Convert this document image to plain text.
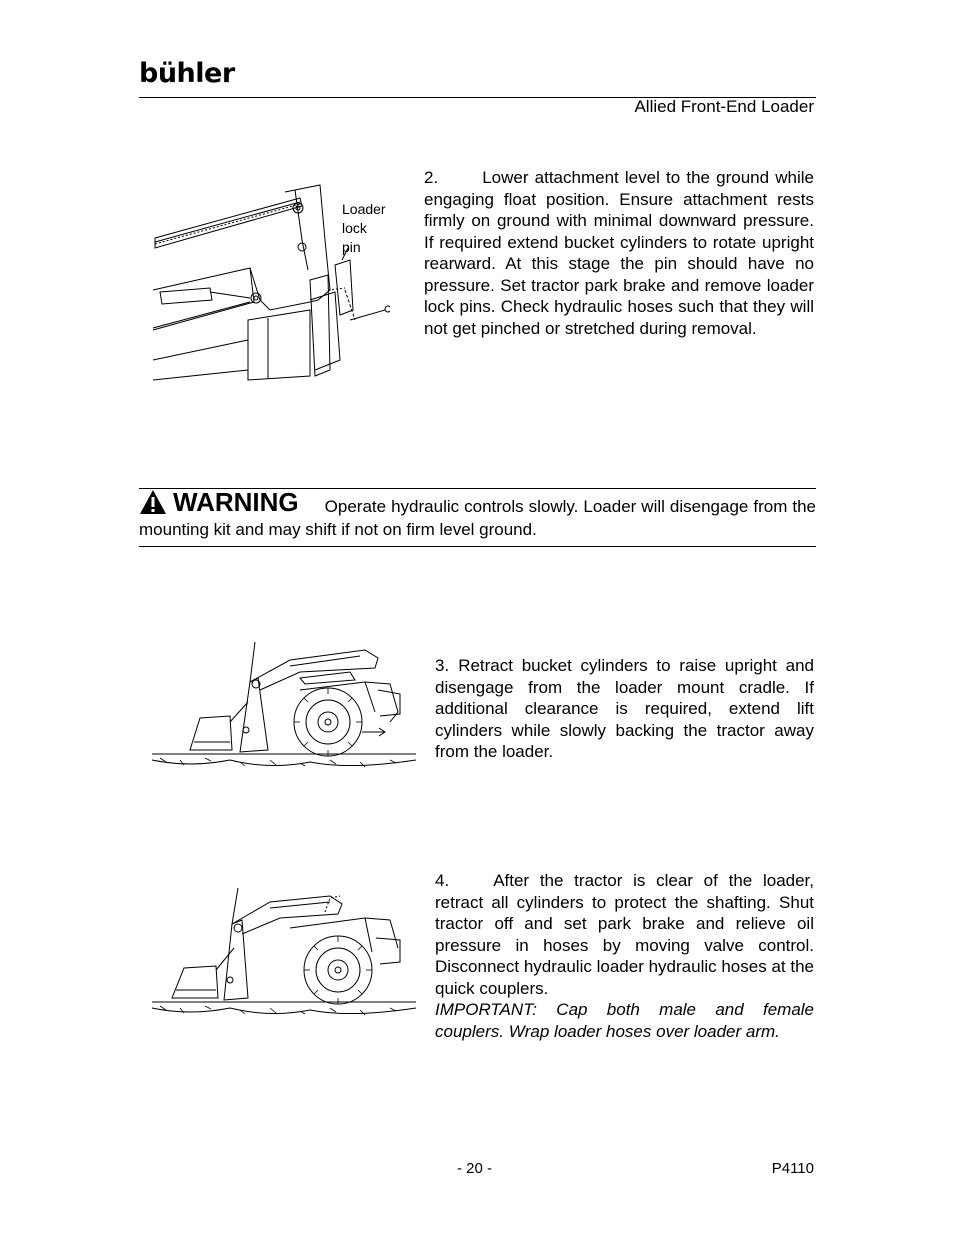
bühler
Allied Front-End Loader
Loader
lock
pin
2.	Lower attachment level to the ground while engaging float position. Ensure attachment rests firmly on ground with minimal downward pressure. If required extend bucket cylinders to rotate upright rearward. At this stage the pin should have no pressure. Set tractor park brake and remove loader lock pins. Check hydraulic hoses such that they will not get pinched or stretched during removal.
WARNING Operate hydraulic controls slowly. Loader will disengage from the mounting kit and may shift if not on firm level ground.
3. Retract bucket cylinders to raise upright and disengage from the loader mount cradle. If additional clearance is required, extend lift cylinders while slowly backing the tractor away from the loader.
4.	After the tractor is clear of the loader, retract all cylinders to protect the shafting. Shut tractor off and set park brake and relieve oil pressure in hoses by moving valve control. Disconnect hydraulic loader hydraulic hoses at the quick couplers.
IMPORTANT: Cap both male and female couplers. Wrap loader hoses over loader arm.
- 20 -	P4110
